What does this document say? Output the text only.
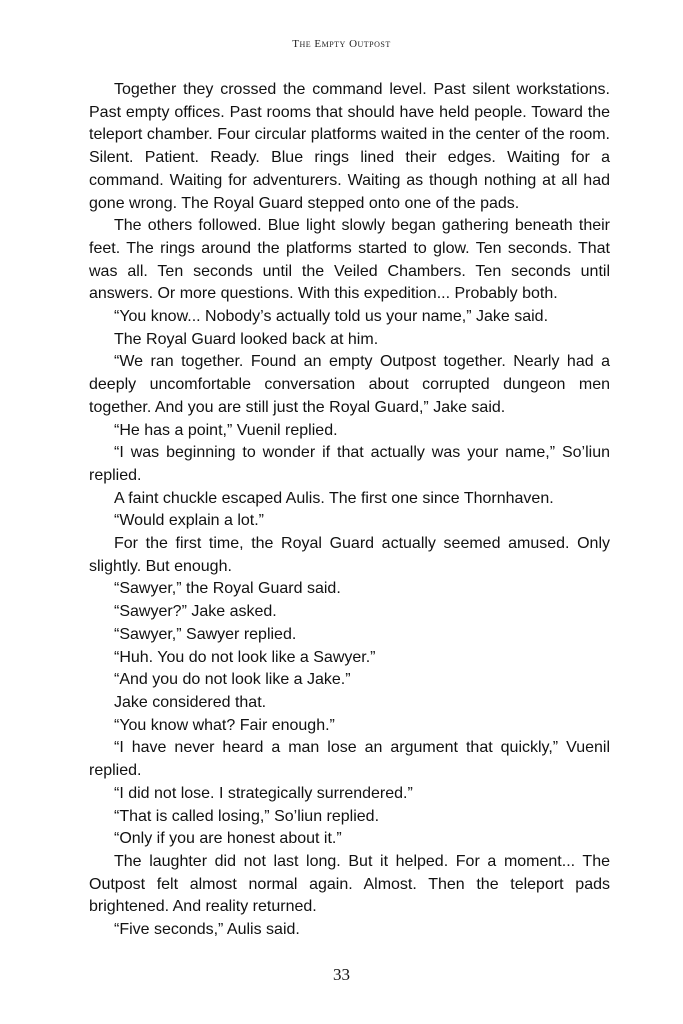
The Empty Outpost

Together they crossed the command level. Past silent workstations. Past empty offices. Past rooms that should have held people. Toward the teleport chamber. Four circular platforms waited in the center of the room. Silent. Patient. Ready. Blue rings lined their edges. Waiting for a command. Waiting for adventurers. Waiting as though nothing at all had gone wrong. The Royal Guard stepped onto one of the pads.

The others followed. Blue light slowly began gathering beneath their feet. The rings around the platforms started to glow. Ten seconds. That was all. Ten seconds until the Veiled Chambers. Ten seconds until answers. Or more questions. With this expedition... Probably both.

“You know... Nobody’s actually told us your name,” Jake said.

The Royal Guard looked back at him.

“We ran together. Found an empty Outpost together. Nearly had a deeply uncomfortable conversation about corrupted dungeon men together. And you are still just the Royal Guard,” Jake said.

“He has a point,” Vuenil replied.

“I was beginning to wonder if that actually was your name,” So’liun replied.

A faint chuckle escaped Aulis. The first one since Thornhaven.

“Would explain a lot.”

For the first time, the Royal Guard actually seemed amused. Only slightly. But enough.

“Sawyer,” the Royal Guard said.

“Sawyer?” Jake asked.

“Sawyer,” Sawyer replied.

“Huh. You do not look like a Sawyer.”

“And you do not look like a Jake.”

Jake considered that.

“You know what? Fair enough.”

“I have never heard a man lose an argument that quickly,” Vuenil replied.

“I did not lose. I strategically surrendered.”

“That is called losing,” So’liun replied.

“Only if you are honest about it.”

The laughter did not last long. But it helped. For a moment... The Outpost felt almost normal again. Almost. Then the teleport pads brightened. And reality returned.

“Five seconds,” Aulis said.

33
